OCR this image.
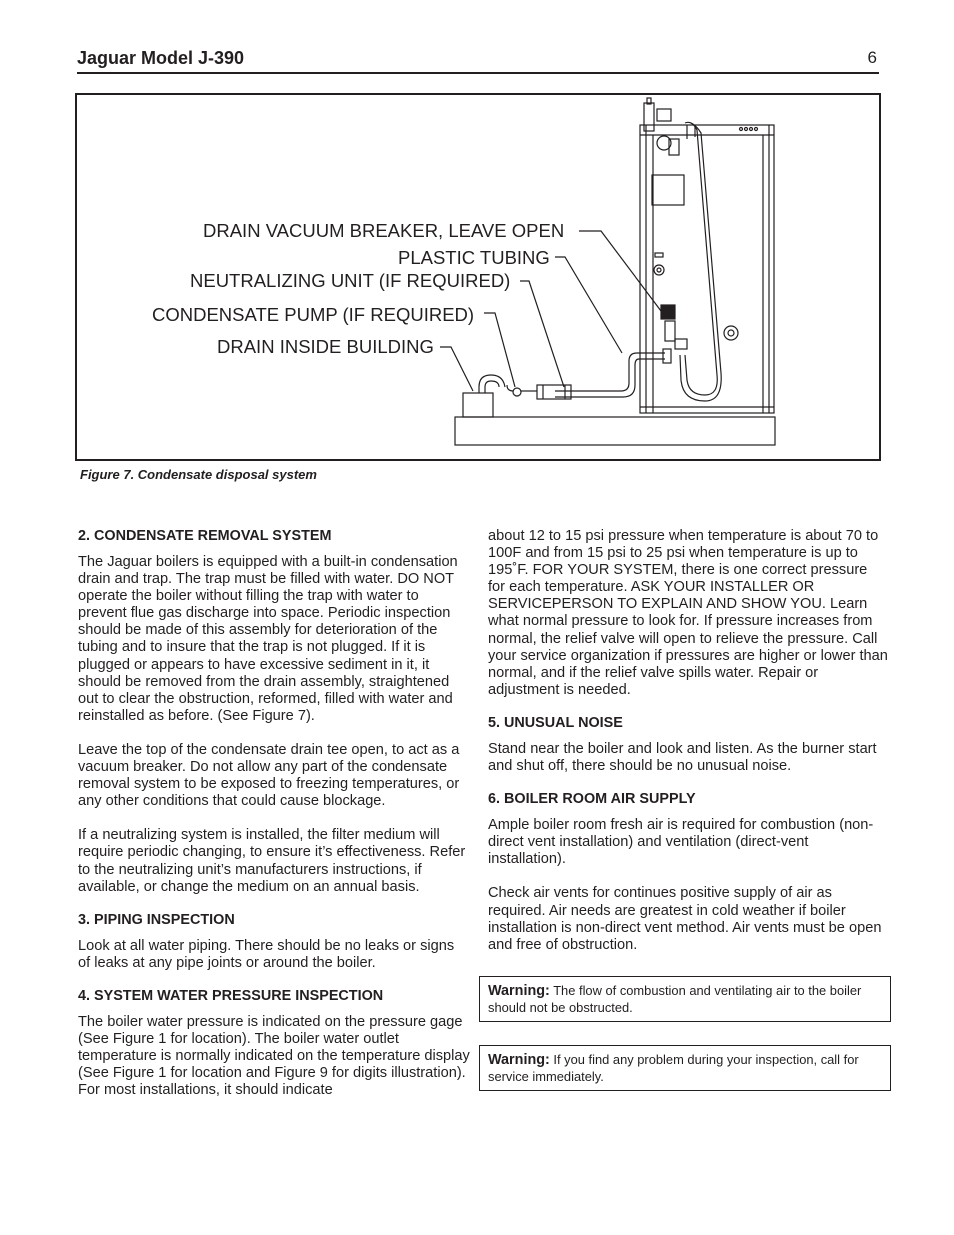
Jaguar Model J-390	6
DRAIN VACUUM BREAKER, LEAVE OPEN
PLASTIC TUBING
NEUTRALIZING UNIT (IF REQUIRED)
CONDENSATE PUMP (IF REQUIRED)
DRAIN INSIDE BUILDING
Figure 7. Condensate disposal system
2. CONDENSATE REMOVAL SYSTEM

The Jaguar boilers is equipped with a built-in condensation drain and trap. The trap must be filled with water. DO NOT operate the boiler without filling the trap with water to prevent flue gas discharge into space. Periodic inspection should be made of this assembly for deterioration of the tubing and to insure that the trap is not plugged. If it is plugged or appears to have excessive sediment in it, it should be removed from the drain assembly, straightened out to clear the obstruction, reformed, filled with water and reinstalled as before. (See Figure 7).

Leave the top of the condensate drain tee open, to act as a vacuum breaker. Do not allow any part of the condensate removal system to be exposed to freezing temperatures, or any other conditions that could cause blockage.

If a neutralizing system is installed, the filter medium will require periodic changing, to ensure it’s effectiveness. Refer to the neutralizing unit’s manufacturers instructions, if available, or change the medium on an annual basis.

3. PIPING INSPECTION

Look at all water piping. There should be no leaks or signs of leaks at any pipe joints or around the boiler.

4. SYSTEM WATER PRESSURE INSPECTION

The boiler water pressure is indicated on the pressure gage (See Figure 1 for location). The boiler water outlet temperature is normally indicated on the temperature display (See Figure 1 for location and Figure 9 for digits illustration). For most installations, it should indicate

about 12 to 15 psi pressure when temperature is about 70 to 100F and from 15 psi to 25 psi when temperature is up to 195˚F. FOR YOUR SYSTEM, there is one correct pressure for each temperature. ASK YOUR INSTALLER OR SERVICEPERSON TO EXPLAIN AND SHOW YOU. Learn what normal pressure to look for. If pressure increases from normal, the relief valve will open to relieve the pressure. Call your service organization if pressures are higher or lower than normal, and if the relief valve spills water. Repair or adjustment is needed.

5. UNUSUAL NOISE

Stand near the boiler and look and listen. As the burner start and shut off, there should be no unusual noise.

6. BOILER ROOM AIR SUPPLY

Ample boiler room fresh air is required for combustion (non-direct vent installation) and ventilation (direct-vent installation).

Check air vents for continues positive supply of air as required. Air needs are greatest in cold weather if boiler installation is non-direct vent method. Air vents must be open and free of obstruction.

Warning: The flow of combustion and ventilating air to the boiler should not be obstructed.
Warning: If you find any problem during your inspection, call for service immediately.
